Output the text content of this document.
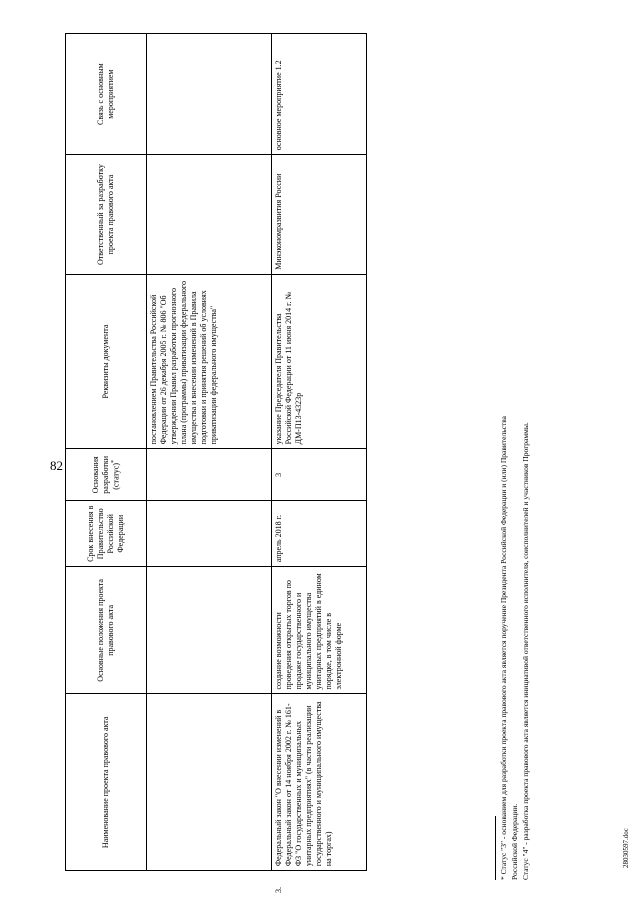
82
28030597.doc
	Наименование проекта правового акта	Основные положения проекта правового акта	Срок внесения в Правительство Российской Федерации	Основания разработки (статус)*	Реквизиты документа	Ответственный за разработку проекта правового акта	Связь с основным мероприятием
					постановлением Правительства Российской Федерации от 26 декабря 2005 г. № 806 "Об утверждении Правил разработки прогнозного плана (программы) приватизации федерального имущества и внесении изменений в Правила подготовки и принятия решений об условиях приватизации федерального имущества"		
3.	Федеральный закон "О внесении изменений в Федеральный закон от 14 ноября 2002 г. № 161-ФЗ "О государственных и муниципальных унитарных предприятиях" (в части реализации государственного и муниципального имущества на торгах)	создание возможности проведения открытых торгов по продаже государственного и муниципального имущества унитарных предприятий в едином порядке, в том числе в электронной форме	апрель 2018 г.	3	указание Председателя Правительства Российской Федерации от 11 июня 2014 г. № ДМ-П13-4323р	Минэкономразвития России	основное мероприятие 1.2
* Статус "3" - основанием для разработки проекта правового акта является поручение Президента Российской Федерации и (или) Правительства Российской Федерации. Статус "4" - разработка проекта правового акта является инициативой ответственного исполнителя, соисполнителей и участников Программы.
